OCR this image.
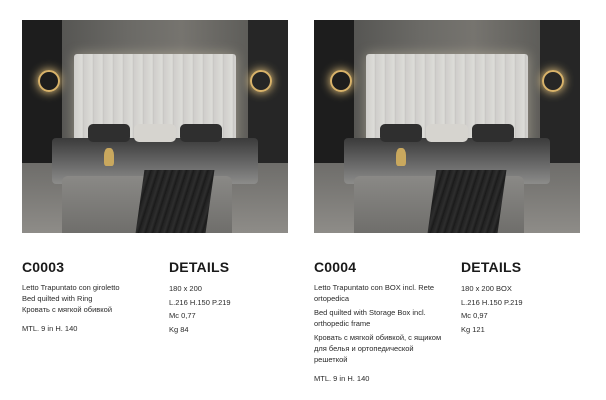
C0003
Letto Trapuntato con giroletto
Bed quilted with Ring
Кровать с мягкой обивкой
MTL. 9 in H. 140
DETAILS
180 x 200
L.216 H.150 P.219
Mc 0,77
Kg 84
C0004
Letto Trapuntato con BOX incl. Rete ortopedica
Bed quilted with Storage Box incl. orthopedic frame
Кровать с мягкой обивкой, с ящиком для белья и ортопедической решеткой
MTL. 9 in H. 140
DETAILS
180 x 200 BOX
L.216 H.150 P.219
Mc 0,97
Kg 121
